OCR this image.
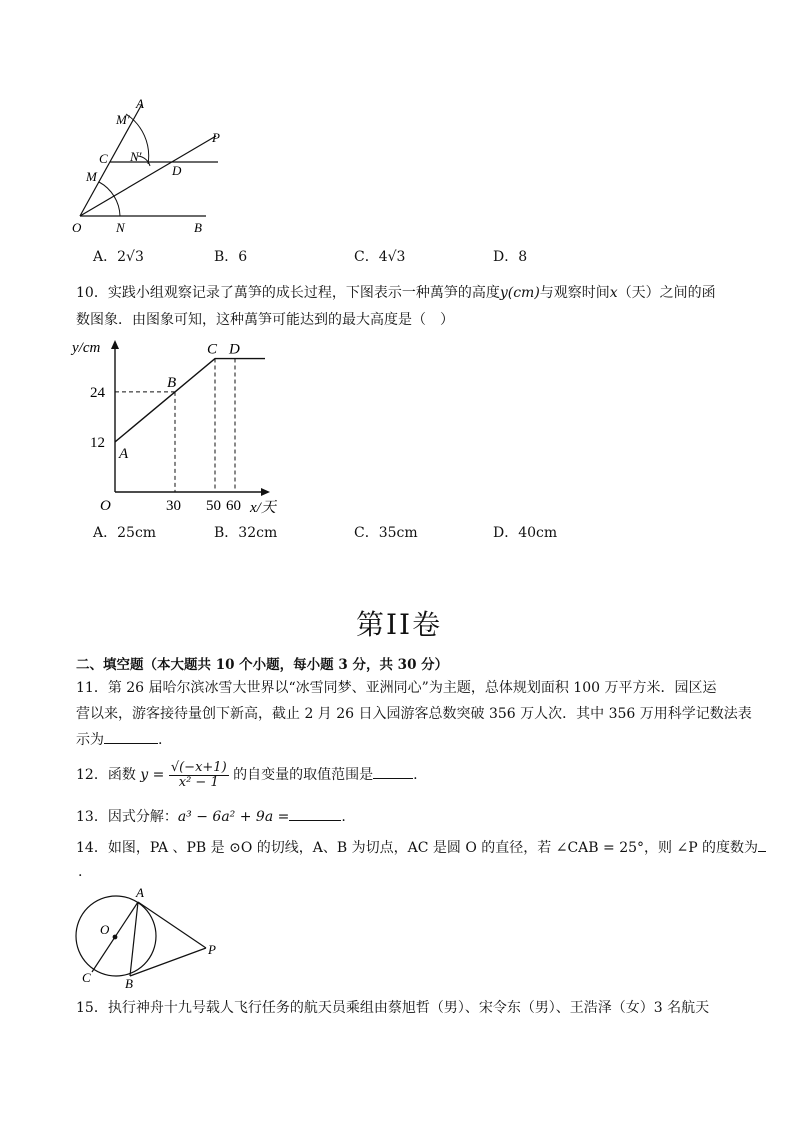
A
M′
C N′
D
P
M
O	N	B
A．2√3	B．6	C．4√3	D．8
10．实践小组观察记录了萬笋的成长过程，下图表示一种萬笋的高度y(cm)与观察时间x（天）之间的函
数图象．由图象可知，这种萬笋可能达到的最大高度是（　）
y/cm
x/天
O
12
24
30 50 60
A
B
C D
A．25cm	B．32cm	C．35cm	D．40cm
第II卷
二、填空题（本大题共 10 个小题，每小题 3 分，共 30 分）
11．第 26 届哈尔滨冰雪大世界以“冰雪同梦、亚洲同心”为主题，总体规划面积 100 万平方米．园区运
营以来，游客接待量创下新高，截止 2 月 26 日入园游客总数突破 356 万人次．其中 356 万用科学记数法表
示为	.
12．函数 $y = \frac{√(-x+1)}{\text{x² − 1}}$ 的自变量的取值范围是	.
13．因式分解：a³ − 6a² + 9a =	.
14．如图，PA 、PB 是 ⊙O 的切线，A、B 为切点，AC 是圆 O 的直径，若 ∠CAB = 25°，则 ∠P 的度数为
.
A
O
C	B
P
15．执行神舟十九号载人飞行任务的航天员乘组由蔡旭哲（男）、宋令东（男）、王浩泽（女）3 名航天
